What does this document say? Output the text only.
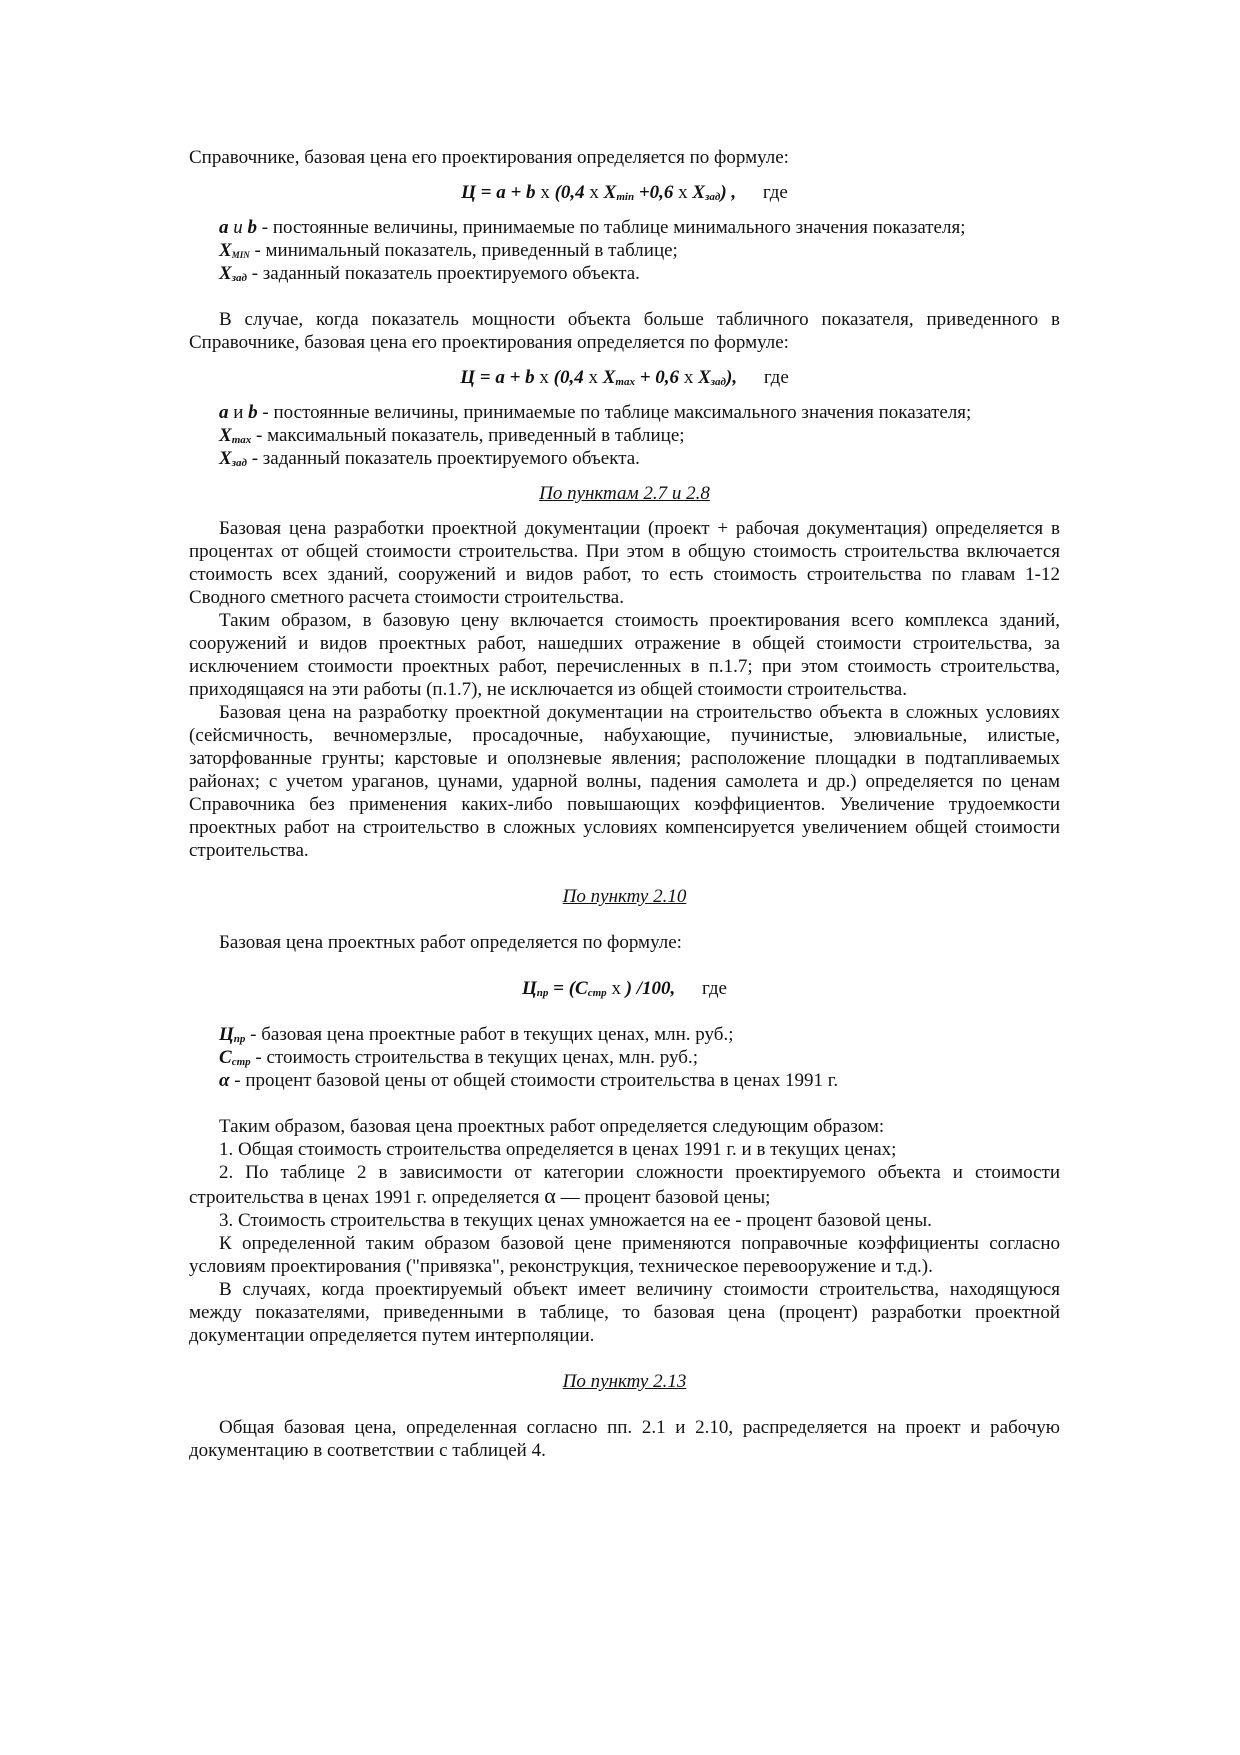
Справочнике, базовая цена его проектирования определяется по формуле:

Ц = a + b x (0,4 x $X_{min} +0,6$ x $X_{зад}$) , где

a и b - постоянные величины, принимаемые по таблице минимального значения показателя;

$X_{MIN}$ - минимальный показатель, приведенный в таблице;

$X_{зад}$ - заданный показатель проектируемого объекта.

В случае, когда показатель мощности объекта больше табличного показателя, приведенного в Справочнике, базовая цена его проектирования определяется по формуле:

Ц = a + b x (0,4 x $X_{max} + 0,6$ x $X_{зад}$), где

a и b - постоянные величины, принимаемые по таблице максимального значения показателя;

$X_{max}$ - максимальный показатель, приведенный в таблице;

$X_{зад}$ - заданный показатель проектируемого объекта.

По пунктам 2.7 и 2.8

Базовая цена разработки проектной документации (проект + рабочая документация) определяется в процентах от общей стоимости строительства. При этом в общую стоимость строительства включается стоимость всех зданий, сооружений и видов работ, то есть стоимость строительства по главам 1-12 Сводного сметного расчета стоимости строительства.

Таким образом, в базовую цену включается стоимость проектирования всего комплекса зданий, сооружений и видов проектных работ, нашедших отражение в общей стоимости строительства, за исключением стоимости проектных работ, перечисленных в п.1.7; при этом стоимость строительства, приходящаяся на эти работы (п.1.7), не исключается из общей стоимости строительства.

Базовая цена на разработку проектной документации на строительство объекта в сложных условиях (сейсмичность, вечномерзлые, просадочные, набухающие, пучинистые, элювиальные, илистые, заторфованные грунты; карстовые и оползневые явления; расположение площадки в подтапливаемых районах; с учетом ураганов, цунами, ударной волны, падения самолета и др.) определяется по ценам Справочника без применения каких-либо повышающих коэффициентов. Увеличение трудоемкости проектных работ на строительство в сложных условиях компенсируется увеличением общей стоимости строительства.

По пункту 2.10

Базовая цена проектных работ определяется по формуле:

$Ц_{пр} = (C_{стр}$ x ) /100, где

$Ц_{пр}$ - базовая цена проектные работ в текущих ценах, млн. руб.;

$C_{стр}$ - стоимость строительства в текущих ценах, млн. руб.;

α - процент базовой цены от общей стоимости строительства в ценах 1991 г.

Таким образом, базовая цена проектных работ определяется следующим образом:

1. Общая стоимость строительства определяется в ценах 1991 г. и в текущих ценах;

2. По таблице 2 в зависимости от категории сложности проектируемого объекта и стоимости строительства в ценах 1991 г. определяется α — процент базовой цены;

3. Стоимость строительства в текущих ценах умножается на ее - процент базовой цены.

К определенной таким образом базовой цене применяются поправочные коэффициенты согласно условиям проектирования ("привязка", реконструкция, техническое перевооружение и т.д.).

В случаях, когда проектируемый объект имеет величину стоимости строительства, находящуюся между показателями, приведенными в таблице, то базовая цена (процент) разработки проектной документации определяется путем интерполяции.

По пункту 2.13

Общая базовая цена, определенная согласно пп. 2.1 и 2.10, распределяется на проект и рабочую документацию в соответствии с таблицей 4.
